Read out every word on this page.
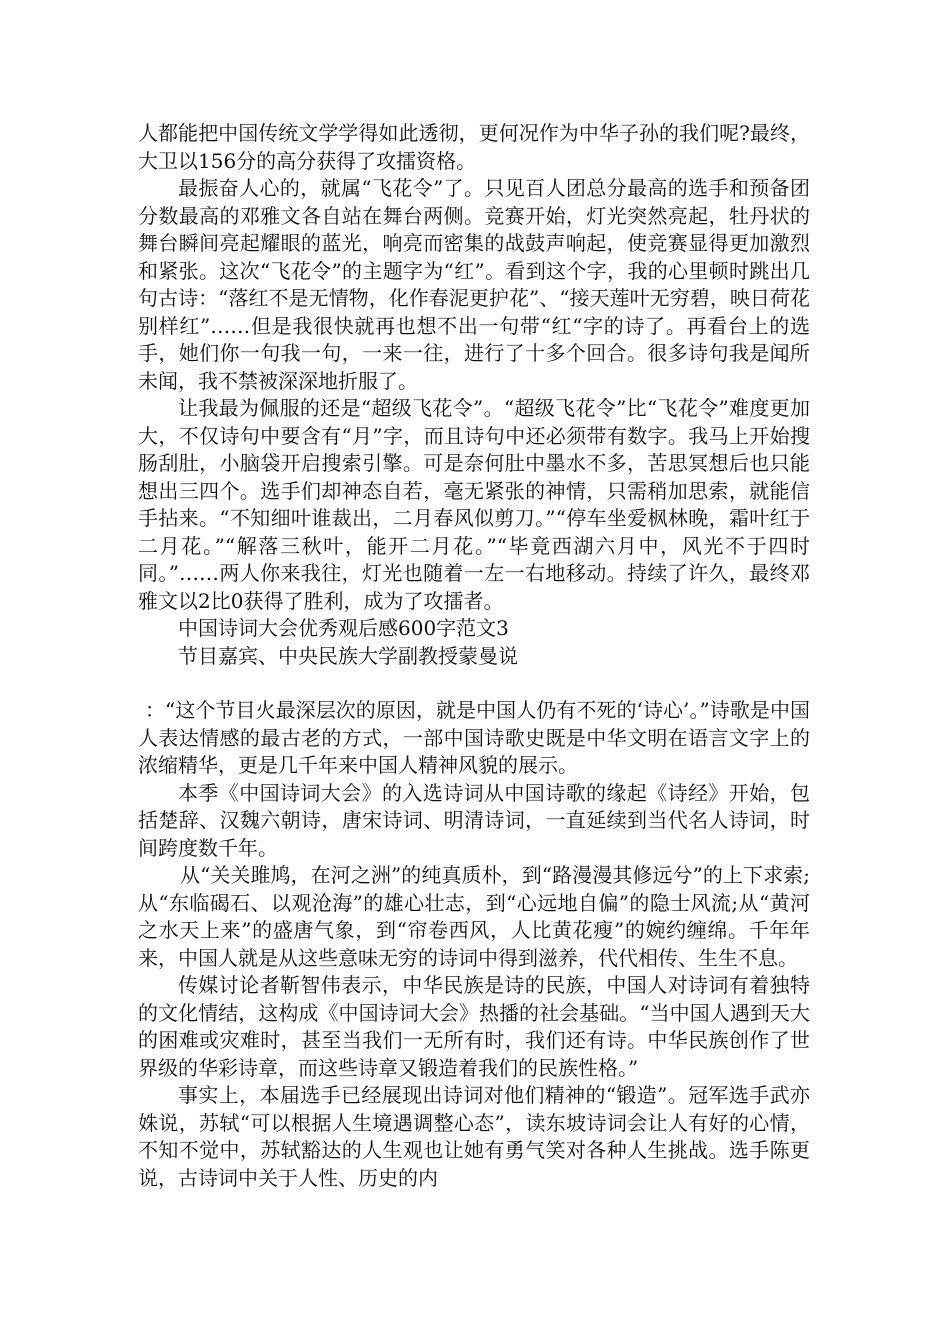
人都能把中国传统文学学得如此透彻，更何况作为中华子孙的我们呢?最终，大卫以156分的高分获得了攻擂资格。

最振奋人心的，就属“飞花令”了。只见百人团总分最高的选手和预备团分数最高的邓雅文各自站在舞台两侧。竞赛开始，灯光突然亮起，牡丹状的舞台瞬间亮起耀眼的蓝光，响亮而密集的战鼓声响起，使竞赛显得更加激烈和紧张。这次“飞花令”的主题字为“红”。看到这个字，我的心里顿时跳出几句古诗：“落红不是无情物，化作春泥更护花”、“接天莲叶无穷碧，映日荷花别样红”……但是我很快就再也想不出一句带“红“字的诗了。再看台上的选手，她们你一句我一句，一来一往，进行了十多个回合。很多诗句我是闻所未闻，我不禁被深深地折服了。

让我最为佩服的还是“超级飞花令”。“超级飞花令”比“飞花令”难度更加大，不仅诗句中要含有“月”字，而且诗句中还必须带有数字。我马上开始搜肠刮肚，小脑袋开启搜索引擎。可是奈何肚中墨水不多，苦思冥想后也只能想出三四个。选手们却神态自若，毫无紧张的神情，只需稍加思索，就能信手拈来。“不知细叶谁裁出，二月春风似剪刀。”“停车坐爱枫林晚，霜叶红于二月花。”“解落三秋叶，能开二月花。”“毕竟西湖六月中，风光不于四时同。”……两人你来我往，灯光也随着一左一右地移动。持续了许久，最终邓雅文以2比0获得了胜利，成为了攻擂者。

中国诗词大会优秀观后感600字范文3

节目嘉宾、中央民族大学副教授蒙曼说

：“这个节目火最深层次的原因，就是中国人仍有不死的‘诗心’。”诗歌是中国人表达情感的最古老的方式，一部中国诗歌史既是中华文明在语言文字上的浓缩精华，更是几千年来中国人精神风貌的展示。

本季《中国诗词大会》的入选诗词从中国诗歌的缘起《诗经》开始，包括楚辞、汉魏六朝诗，唐宋诗词、明清诗词，一直延续到当代名人诗词，时间跨度数千年。

从“关关雎鸠，在河之洲”的纯真质朴，到“路漫漫其修远兮”的上下求索;从“东临碣石、以观沧海”的雄心壮志，到“心远地自偏”的隐士风流;从“黄河之水天上来”的盛唐气象，到“帘卷西风，人比黄花瘦”的婉约缠绵。千年年来，中国人就是从这些意味无穷的诗词中得到滋养，代代相传、生生不息。

传媒讨论者靳智伟表示，中华民族是诗的民族，中国人对诗词有着独特的文化情结，这构成《中国诗词大会》热播的社会基础。“当中国人遇到天大的困难或灾难时，甚至当我们一无所有时，我们还有诗。中华民族创作了世界级的华彩诗章，而这些诗章又锻造着我们的民族性格。”

事实上，本届选手已经展现出诗词对他们精神的“锻造”。冠军选手武亦姝说，苏轼“可以根据人生境遇调整心态”，读东坡诗词会让人有好的心情，不知不觉中，苏轼豁达的人生观也让她有勇气笑对各种人生挑战。选手陈更说，古诗词中关于人性、历史的内
